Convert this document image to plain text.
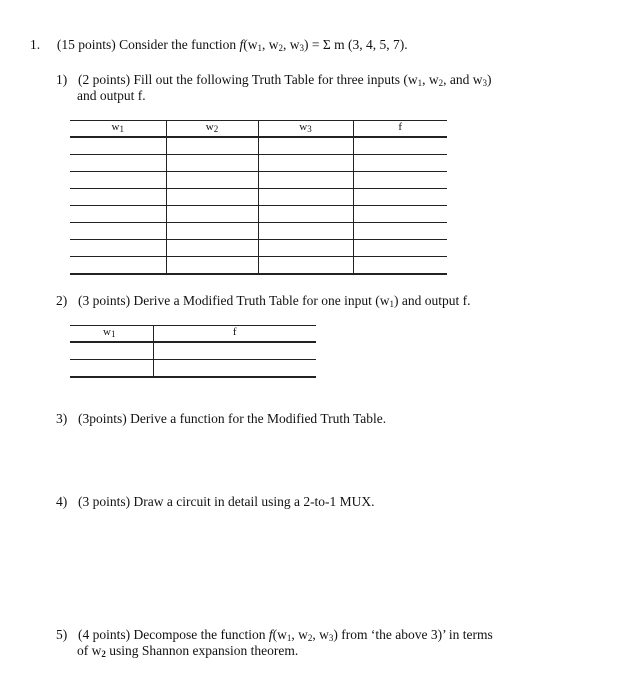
1. (15 points) Consider the function $f(w_1$, $w_2$, $w_3) = \Sigma$ m (3, 4, 5, 7).
1) (2 points) Fill out the following Truth Table for three inputs ($w_1$, $w_2$, and $w_3$)
and output f.
$w_1$	$w_2$	$w_3$	f

2) (3 points) Derive a Modified Truth Table for one input $(w_1)$ and output f.
$w_1$	f

3) (3points) Derive a function for the Modified Truth Table.
4) (3 points) Draw a circuit in detail using a 2-to-1 MUX.
5) (4 points) Decompose the function $f(w_1$, $w_2$, $w_3$) from ‘the above 3)’ in terms
of $w_2$ using Shannon expansion theorem.
